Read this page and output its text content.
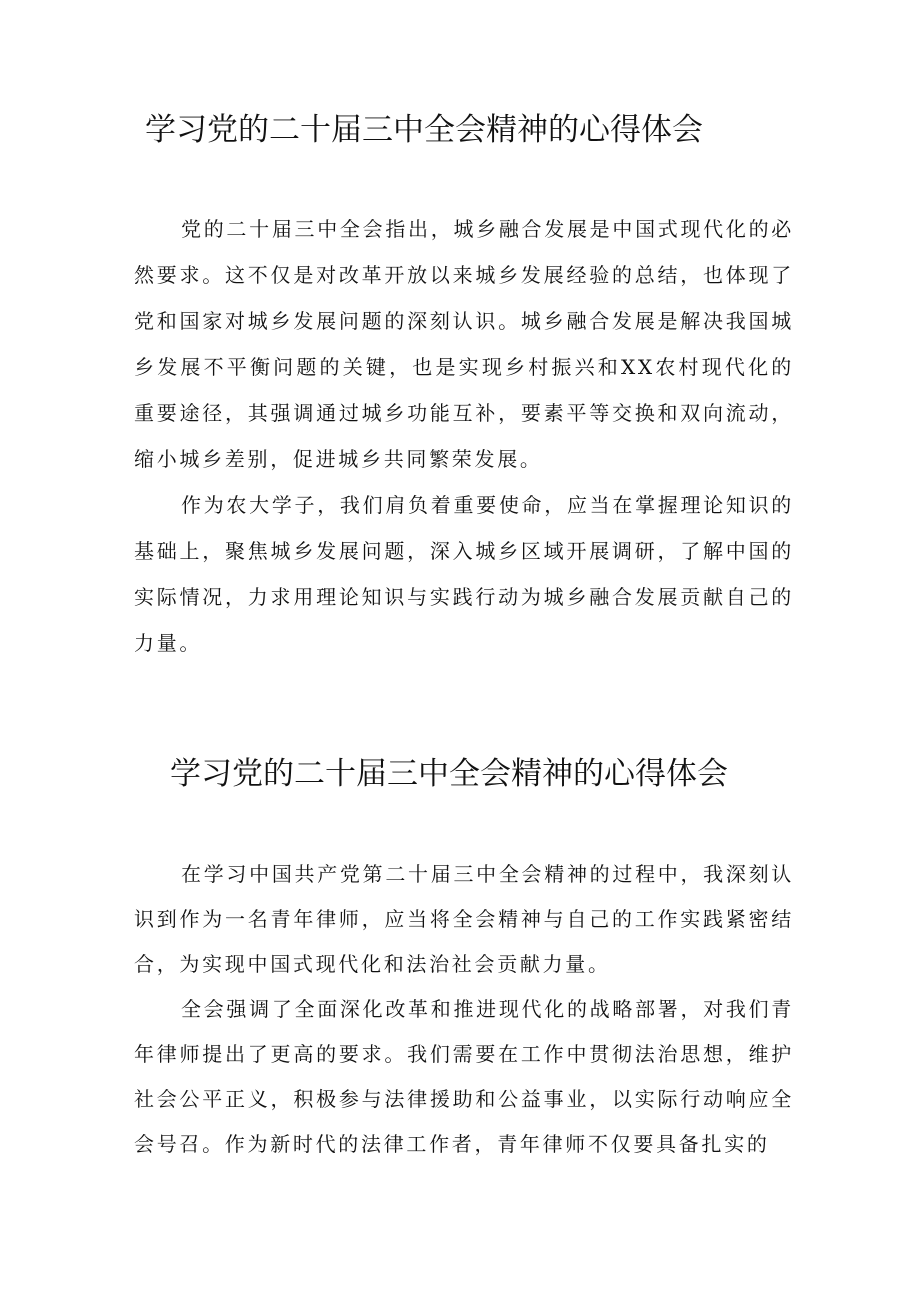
学习党的二十届三中全会精神的心得体会

党的二十届三中全会指出，城乡融合发展是中国式现代化的必然要求。这不仅是对改革开放以来城乡发展经验的总结，也体现了党和国家对城乡发展问题的深刻认识。城乡融合发展是解决我国城乡发展不平衡问题的关键，也是实现乡村振兴和XX农村现代化的重要途径，其强调通过城乡功能互补，要素平等交换和双向流动，缩小城乡差别，促进城乡共同繁荣发展。

作为农大学子，我们肩负着重要使命，应当在掌握理论知识的基础上，聚焦城乡发展问题，深入城乡区域开展调研，了解中国的实际情况，力求用理论知识与实践行动为城乡融合发展贡献自己的力量。

学习党的二十届三中全会精神的心得体会

在学习中国共产党第二十届三中全会精神的过程中，我深刻认识到作为一名青年律师，应当将全会精神与自己的工作实践紧密结合，为实现中国式现代化和法治社会贡献力量。

全会强调了全面深化改革和推进现代化的战略部署，对我们青年律师提出了更高的要求。我们需要在工作中贯彻法治思想，维护社会公平正义，积极参与法律援助和公益事业，以实际行动响应全会号召。作为新时代的法律工作者，青年律师不仅要具备扎实的
